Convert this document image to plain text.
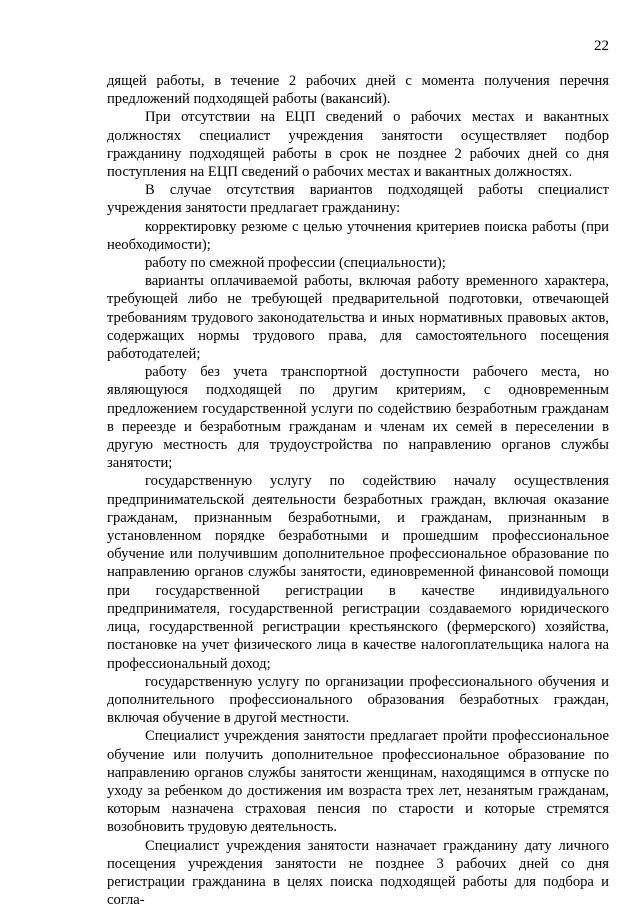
22

дящей работы, в течение 2 рабочих дней с момента получения перечня предложений подходящей работы (вакансий).

При отсутствии на ЕЦП сведений о рабочих местах и вакантных должностях специалист учреждения занятости осуществляет подбор гражданину подходящей работы в срок не позднее 2 рабочих дней со дня поступления на ЕЦП сведений о рабочих местах и вакантных должностях.

В случае отсутствия вариантов подходящей работы специалист учреждения занятости предлагает гражданину:

корректировку резюме с целью уточнения критериев поиска работы (при необходимости);

работу по смежной профессии (специальности);

варианты оплачиваемой работы, включая работу временного характера, требующей либо не требующей предварительной подготовки, отвечающей требованиям трудового законодательства и иных нормативных правовых актов, содержащих нормы трудового права, для самостоятельного посещения работодателей;

работу без учета транспортной доступности рабочего места, но являющуюся подходящей по другим критериям, с одновременным предложением государственной услуги по содействию безработным гражданам в переезде и безработным гражданам и членам их семей в переселении в другую местность для трудоустройства по направлению органов службы занятости;

государственную услугу по содействию началу осуществления предпринимательской деятельности безработных граждан, включая оказание гражданам, признанным безработными, и гражданам, признанным в установленном порядке безработными и прошедшим профессиональное обучение или получившим дополнительное профессиональное образование по направлению органов службы занятости, единовременной финансовой помощи при государственной регистрации в качестве индивидуального предпринимателя, государственной регистрации создаваемого юридического лица, государственной регистрации крестьянского (фермерского) хозяйства, постановке на учет физического лица в качестве налогоплательщика налога на профессиональный доход;

государственную услугу по организации профессионального обучения и дополнительного профессионального образования безработных граждан, включая обучение в другой местности.

Специалист учреждения занятости предлагает пройти профессиональное обучение или получить дополнительное профессиональное образование по направлению органов службы занятости женщинам, находящимся в отпуске по уходу за ребенком до достижения им возраста трех лет, незанятым гражданам, которым назначена страховая пенсия по старости и которые стремятся возобновить трудовую деятельность.

Специалист учреждения занятости назначает гражданину дату личного посещения учреждения занятости не позднее 3 рабочих дней со дня регистрации гражданина в целях поиска подходящей работы для подбора и согла-
